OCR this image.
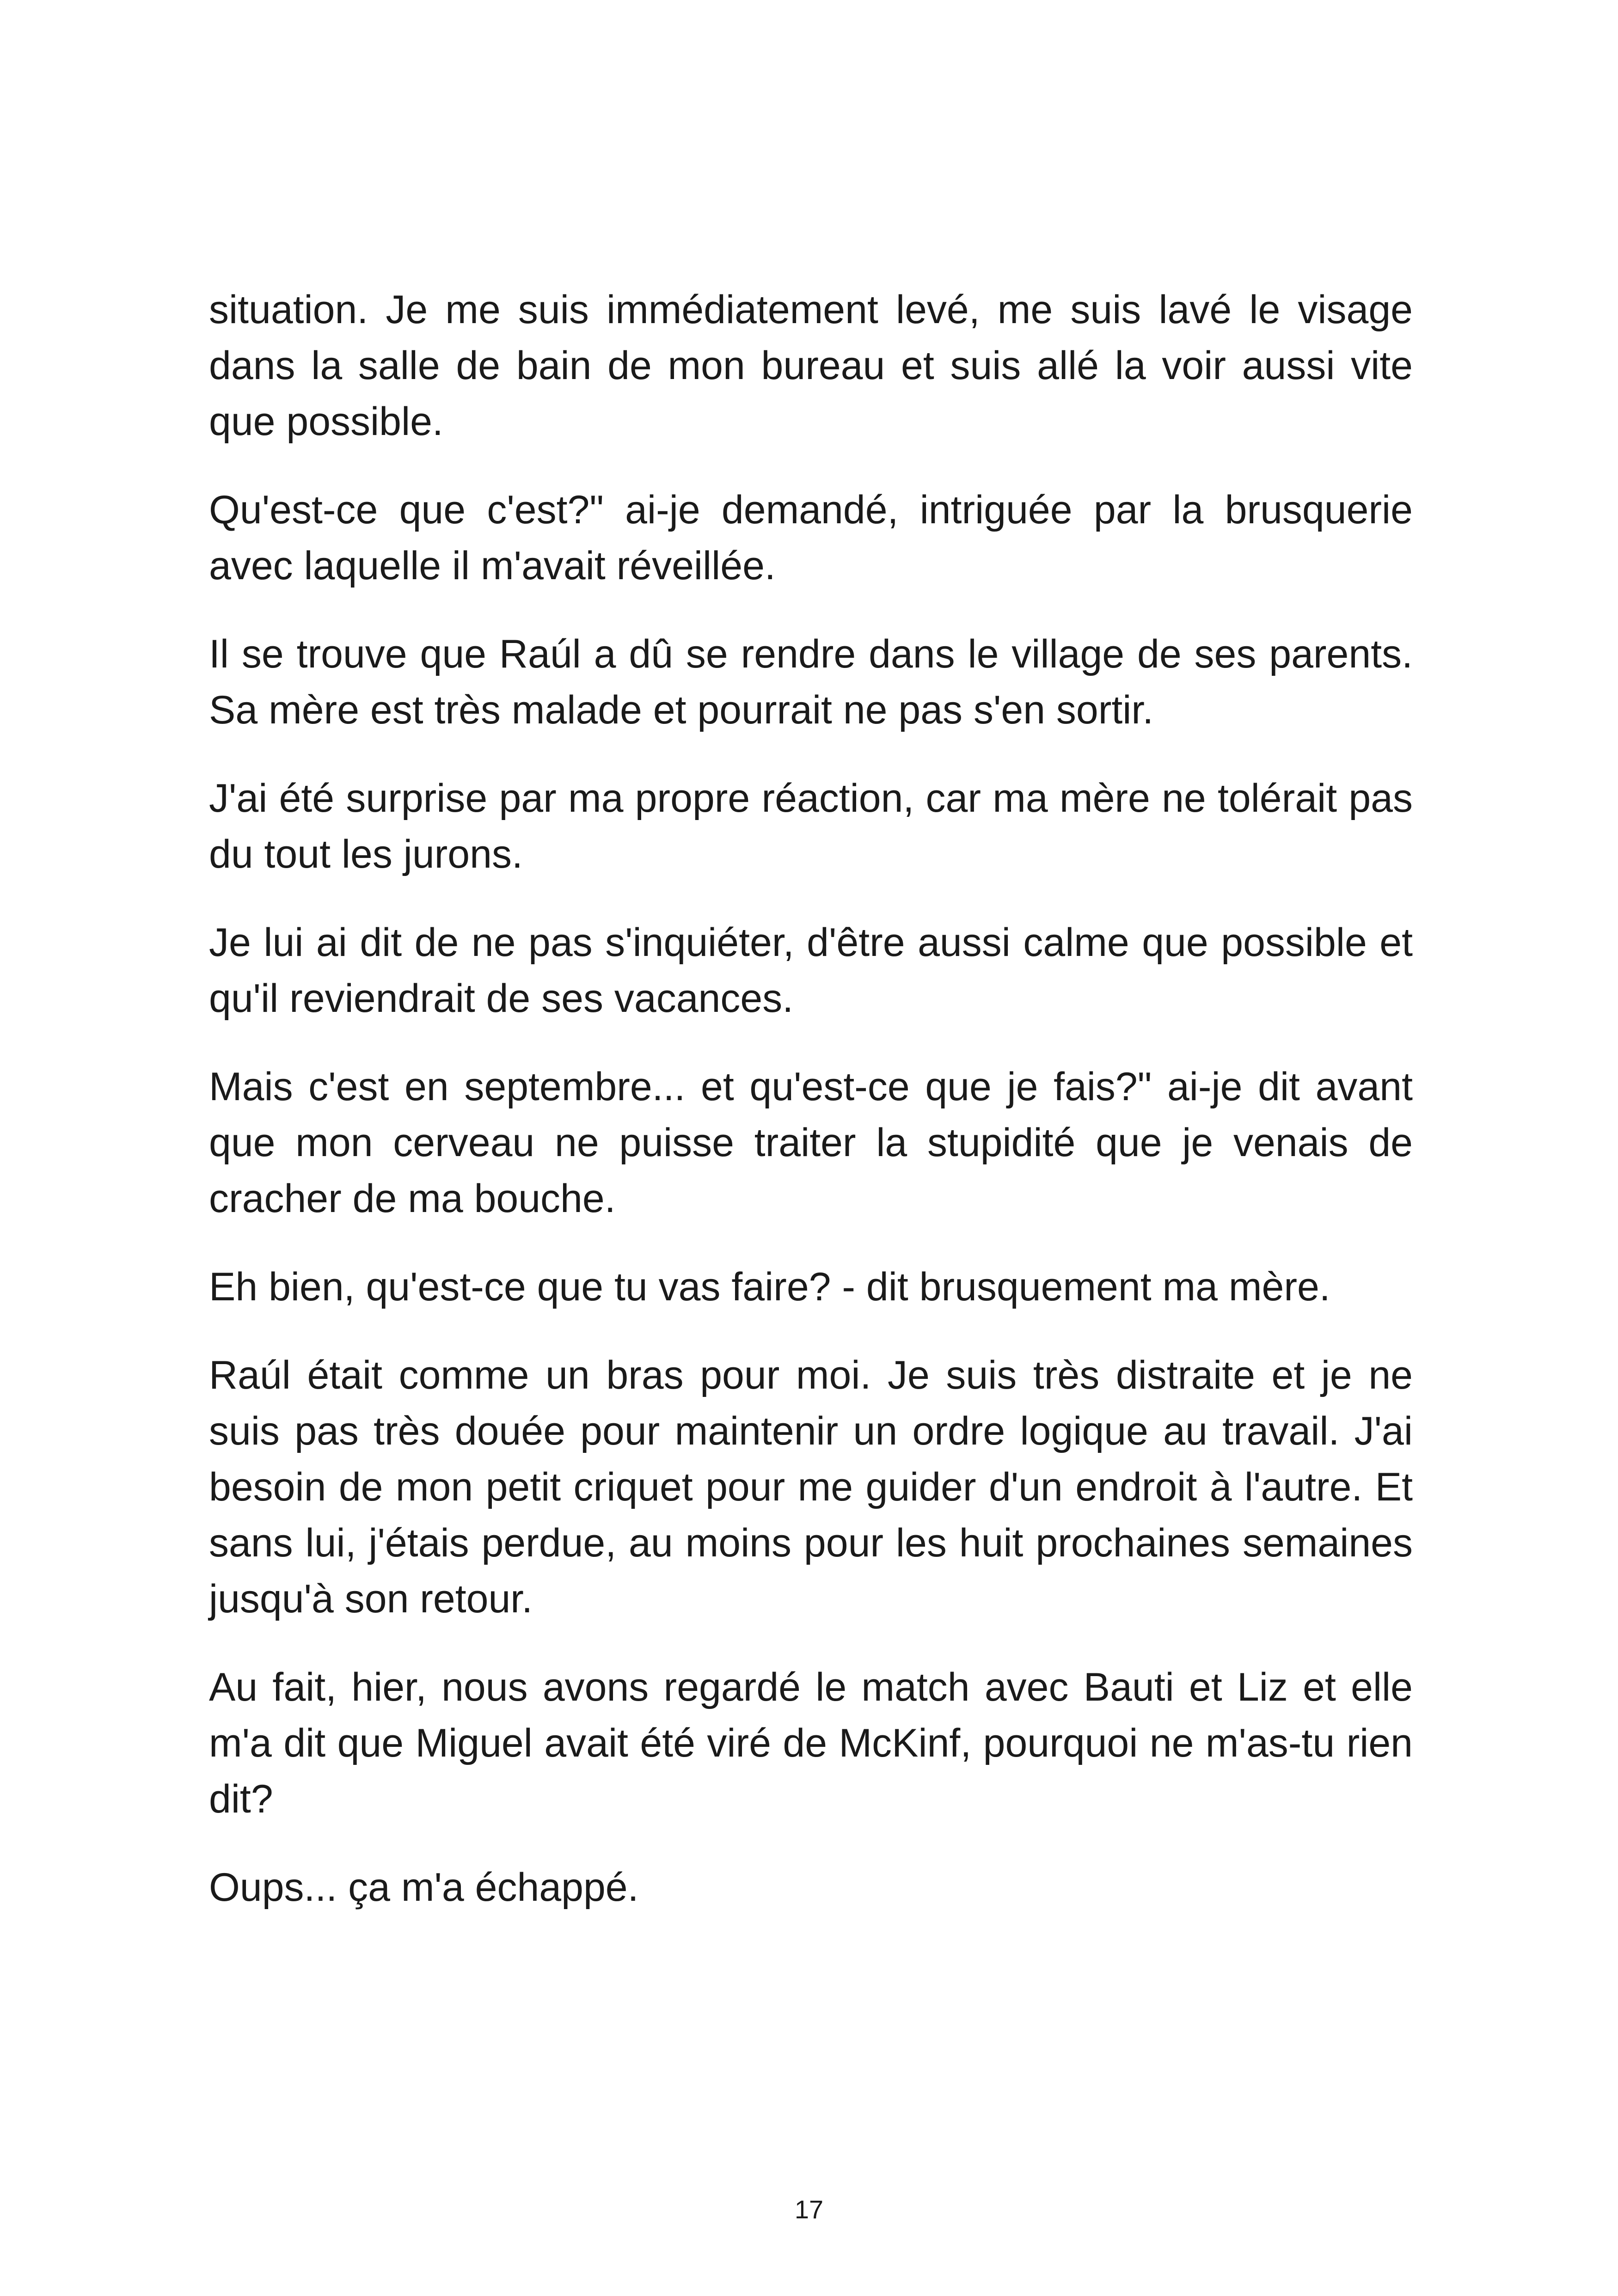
situation. Je me suis immédiatement levé, me suis lavé le visage dans la salle de bain de mon bureau et suis allé la voir aussi vite que possible.

Qu'est-ce que c'est?" ai-je demandé, intriguée par la brusquerie avec laquelle il m'avait réveillée.

Il se trouve que Raúl a dû se rendre dans le village de ses parents. Sa mère est très malade et pourrait ne pas s'en sortir.

J'ai été surprise par ma propre réaction, car ma mère ne tolérait pas du tout les jurons.

Je lui ai dit de ne pas s'inquiéter, d'être aussi calme que possible et qu'il reviendrait de ses vacances.

Mais c'est en septembre... et qu'est-ce que je fais?" ai-je dit avant que mon cerveau ne puisse traiter la stupidité que je venais de cracher de ma bouche.

Eh bien, qu'est-ce que tu vas faire? - dit brusquement ma mère.

Raúl était comme un bras pour moi. Je suis très distraite et je ne suis pas très douée pour maintenir un ordre logique au travail. J'ai besoin de mon petit criquet pour me guider d'un endroit à l'autre. Et sans lui, j'étais perdue, au moins pour les huit prochaines semaines jusqu'à son retour.

Au fait, hier, nous avons regardé le match avec Bauti et Liz et elle m'a dit que Miguel avait été viré de McKinf, pourquoi ne m'as-tu rien dit?

Oups... ça m'a échappé.

17
